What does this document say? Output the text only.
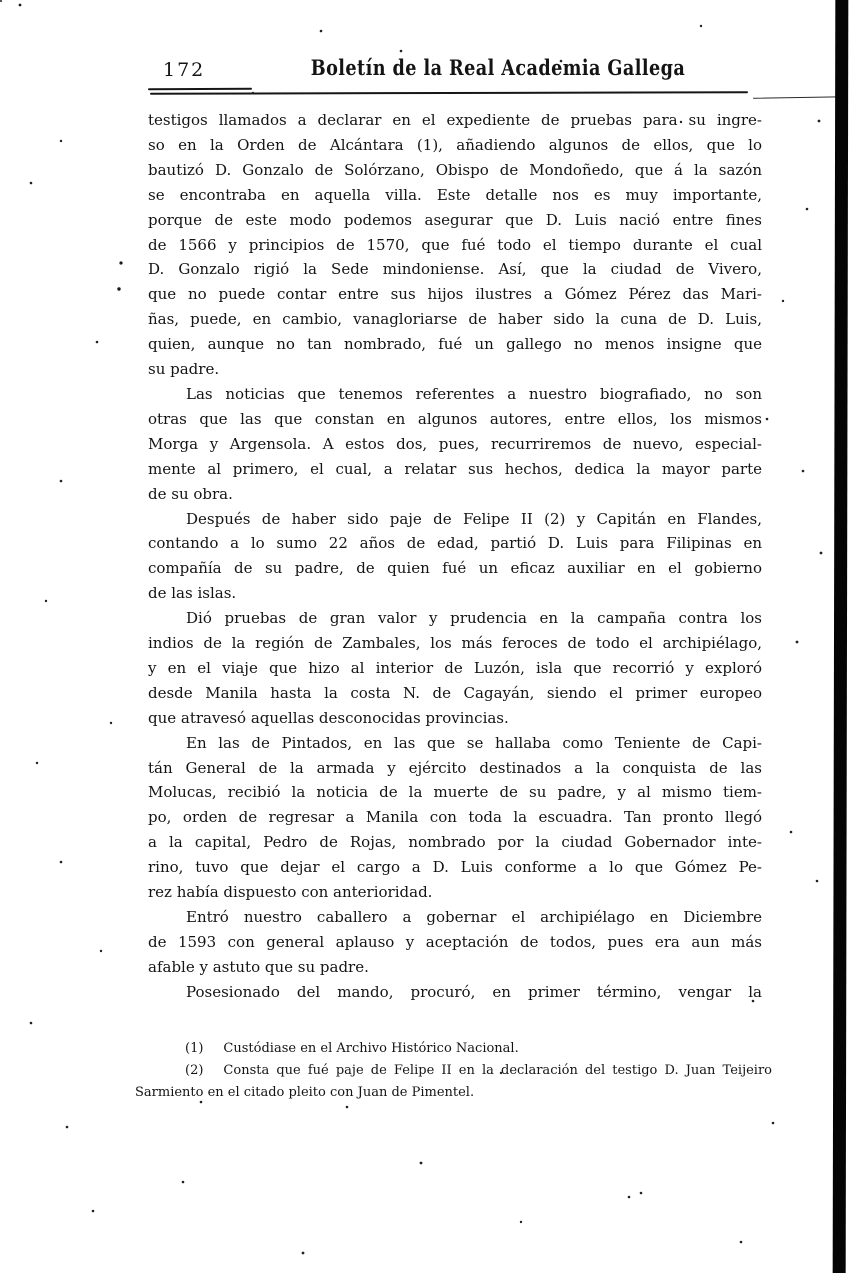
172	Boletín de la Real Academia Gallega
testigos llamados a declarar en el expediente de pruebas para su ingre-
so en la Orden de Alcántara (1), añadiendo algunos de ellos, que lo
bautizó D. Gonzalo de Solórzano, Obispo de Mondoñedo, que á la sazón
se encontraba en aquella villa. Este detalle nos es muy importante,
porque de este modo podemos asegurar que D. Luis nació entre fines
de 1566 y principios de 1570, que fué todo el tiempo durante el cual
D. Gonzalo rigió la Sede mindoniense. Así, que la ciudad de Vivero,
que no puede contar entre sus hijos ilustres a Gómez Pérez das Mari-
ñas, puede, en cambio, vanagloriarse de haber sido la cuna de D. Luis,
quien, aunque no tan nombrado, fué un gallego no menos insigne que
su padre.
Las noticias que tenemos referentes a nuestro biografiado, no son
otras que las que constan en algunos autores, entre ellos, los mismos
Morga y Argensola. A estos dos, pues, recurriremos de nuevo, especial-
mente al primero, el cual, a relatar sus hechos, dedica la mayor parte
de su obra.
Después de haber sido paje de Felipe II (2) y Capitán en Flandes,
contando a lo sumo 22 años de edad, partió D. Luis para Filipinas en
compañía de su padre, de quien fué un eficaz auxiliar en el gobierno
de las islas.
Dió pruebas de gran valor y prudencia en la campaña contra los
indios de la región de Zambales, los más feroces de todo el archipiélago,
y en el viaje que hizo al interior de Luzón, isla que recorrió y exploró
desde Manila hasta la costa N. de Cagayán, siendo el primer europeo
que atravesó aquellas desconocidas provincias.
En las de Pintados, en las que se hallaba como Teniente de Capi-
tán General de la armada y ejército destinados a la conquista de las
Molucas, recibió la noticia de la muerte de su padre, y al mismo tiem-
po, orden de regresar a Manila con toda la escuadra. Tan pronto llegó
a la capital, Pedro de Rojas, nombrado por la ciudad Gobernador inte-
rino, tuvo que dejar el cargo a D. Luis conforme a lo que Gómez Pe-
rez había dispuesto con anterioridad.
Entró nuestro caballero a gobernar el archipiélago en Diciembre
de 1593 con general aplauso y aceptación de todos, pues era aun más
afable y astuto que su padre.
Posesionado del mando, procuró, en primer término, vengar la
(1) Custódiase en el Archivo Histórico Nacional.
(2) Consta que fué paje de Felipe II en la declaración del testigo D. Juan Teijeiro
Sarmiento en el citado pleito con Juan de Pimentel.
